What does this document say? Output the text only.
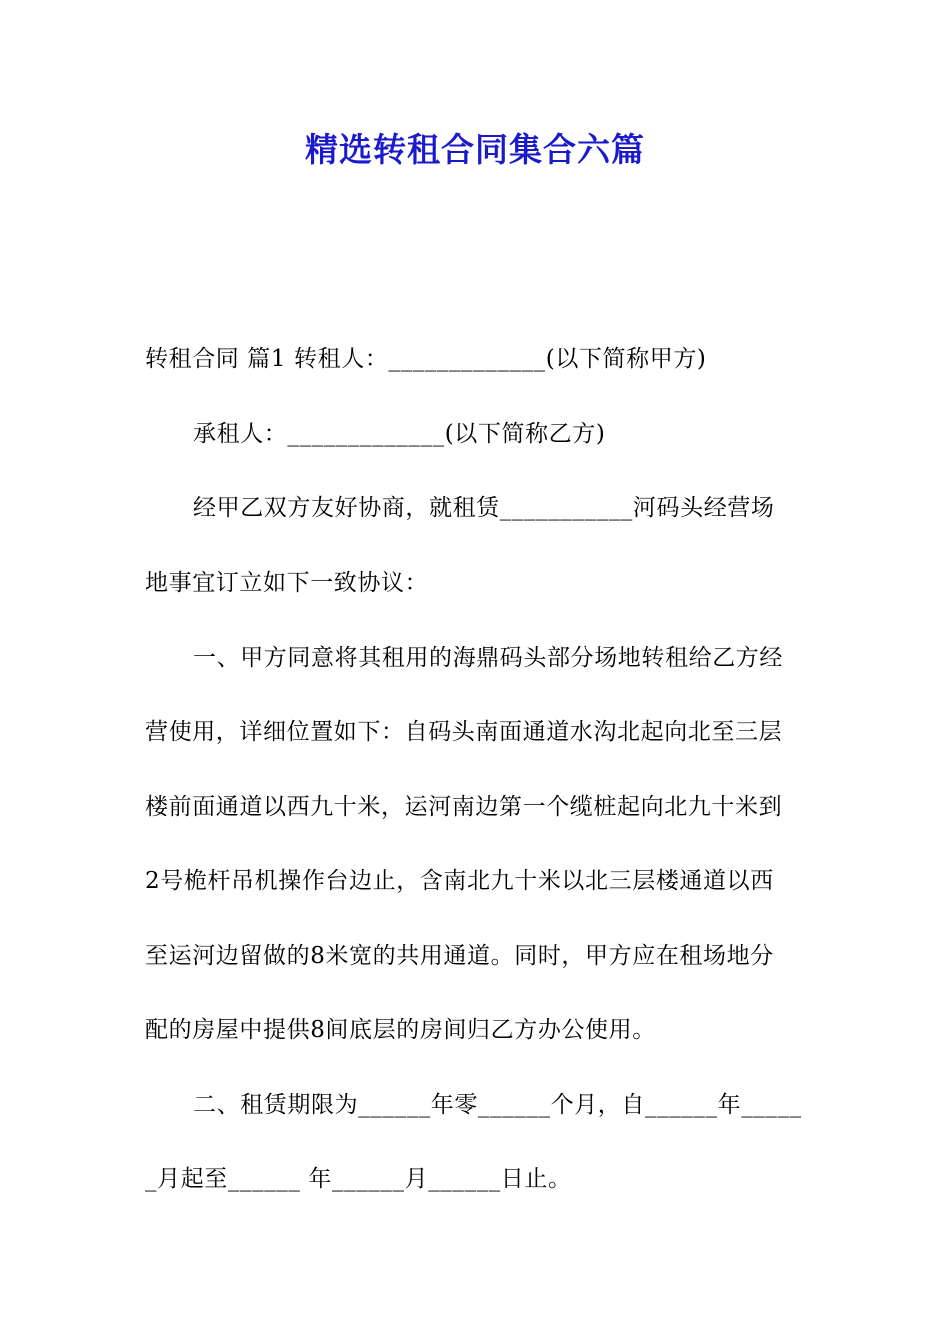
精选转租合同集合六篇
转租合同 篇1 转租人：_____________(以下简称甲方)
承租人：_____________(以下简称乙方)
经甲乙双方友好协商，就租赁___________河码头经营场
地事宜订立如下一致协议：
一、甲方同意将其租用的海鼎码头部分场地转租给乙方经
营使用，详细位置如下：自码头南面通道水沟北起向北至三层
楼前面通道以西九十米，运河南边第一个缆桩起向北九十米到
2号桅杆吊机操作台边止，含南北九十米以北三层楼通道以西
至运河边留做的8米宽的共用通道。同时，甲方应在租场地分
配的房屋中提供8间底层的房间归乙方办公使用。
二、租赁期限为______年零______个月，自______年_____
_月起至______ 年______月______日止。
